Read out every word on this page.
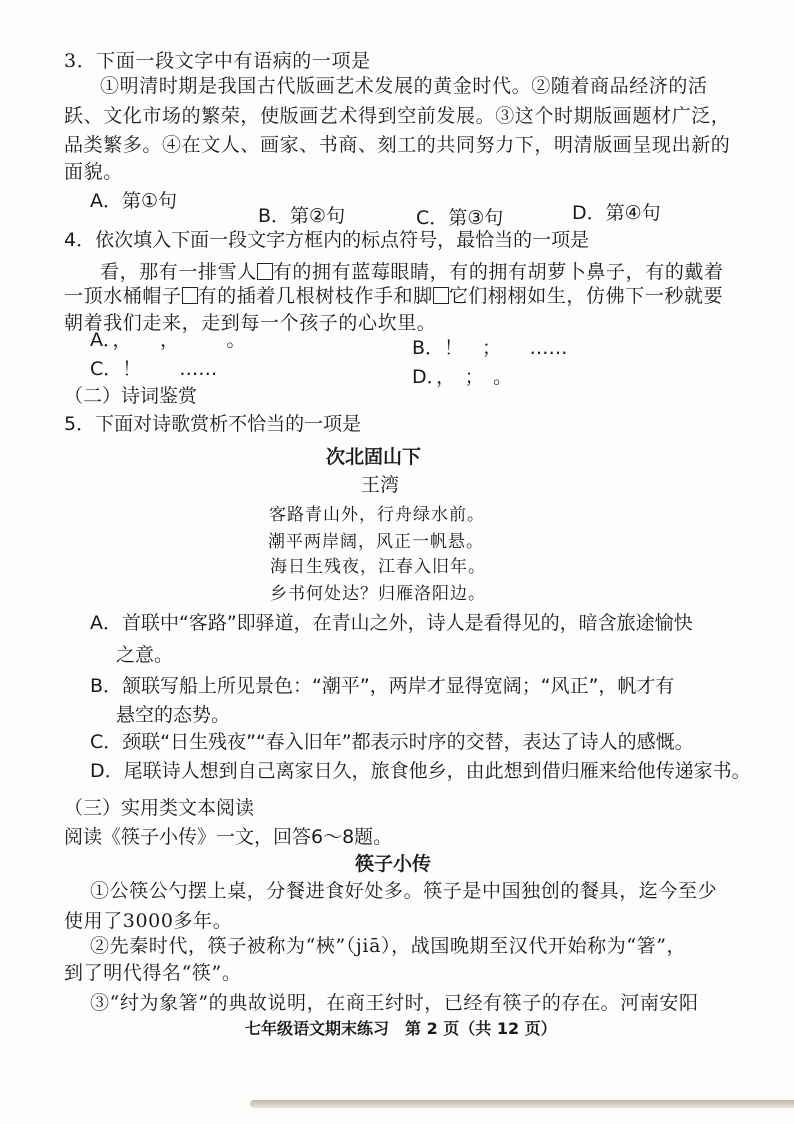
3．下面一段文字中有语病的一项是
①明清时期是我国古代版画艺术发展的黄金时代。②随着商品经济的活
跃、文化市场的繁荣，使版画艺术得到空前发展。③这个时期版画题材广泛，
品类繁多。④在文人、画家、书商、刻工的共同努力下，明清版画呈现出新的
面貌。
A．第①句
B．第②句	C．第③句	D．第④句
4．依次填入下面一段文字方框内的标点符号，最恰当的一项是
看，那有一排雪人 有的拥有蓝莓眼睛，有的拥有胡萝卜鼻子，有的戴着
一顶水桶帽子 有的插着几根树枝作手和脚 它们栩栩如生，仿佛下一秒就要
朝着我们走来，走到每一个孩子的心坎里。
A．，　　，　　　。	B．！　；　　……
C．！　　……	D．，　；　。
（二）诗词鉴赏
5．下面对诗歌赏析不恰当的一项是
次北固山下
王湾
客路青山外，行舟绿水前。
潮平两岸阔，风正一帆悬。
海日生残夜，江春入旧年。
乡书何处达？归雁洛阳边。
A．首联中“客路”即驿道，在青山之外，诗人是看得见的，暗含旅途愉快
之意。
B．颔联写船上所见景色：“潮平”，两岸才显得宽阔；“风正”，帆才有
悬空的态势。
C．颈联“日生残夜”“春入旧年”都表示时序的交替，表达了诗人的感慨。
D．尾联诗人想到自己离家日久，旅食他乡，由此想到借归雁来给他传递家书。
（三）实用类文本阅读
阅读《筷子小传》一文，回答6～8题。
筷子小传
①公筷公勺摆上桌，分餐进食好处多。筷子是中国独创的餐具，迄今至少
使用了3000多年。
②先秦时代，筷子被称为“梜”（jiā），战国晚期至汉代开始称为“箸”，
到了明代得名“筷”。
③“纣为象箸”的典故说明，在商王纣时，已经有筷子的存在。河南安阳
七年级语文期末练习　第 2 页（共 12 页）
